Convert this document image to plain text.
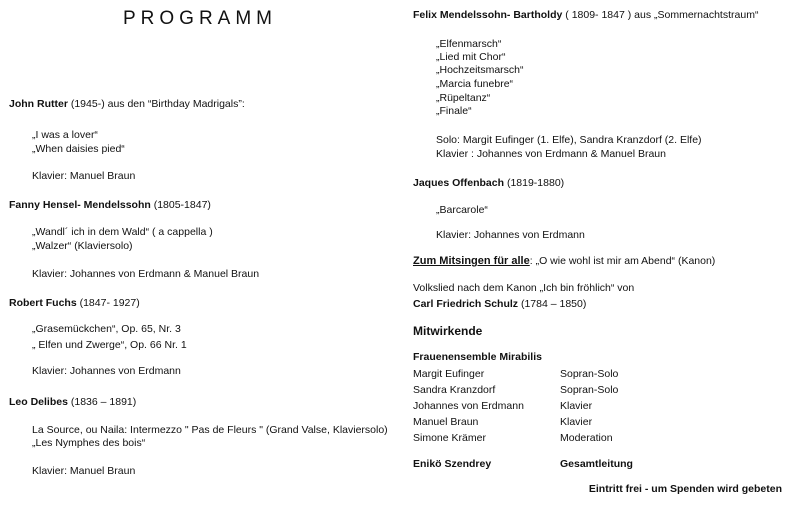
PROGRAMM
John Rutter (1945-) aus den “Birthday Madrigals”:
„I was a lover“
„When daisies pied“
Klavier: Manuel Braun
Fanny Hensel- Mendelssohn (1805-1847)
„Wandl´ ich in dem Wald“ ( a cappella )
„Walzer“ (Klaviersolo)
Klavier: Johannes von Erdmann & Manuel Braun
Robert Fuchs (1847- 1927)
„Grasemückchen“, Op. 65, Nr. 3
„ Elfen und Zwerge“, Op. 66 Nr. 1
Klavier: Johannes von Erdmann
Leo Delibes (1836 – 1891)
La Source, ou Naila: Intermezzo " Pas de Fleurs " (Grand Valse, Klaviersolo)
„Les Nymphes des bois“
Klavier: Manuel Braun
Felix Mendelssohn- Bartholdy ( 1809- 1847 ) aus „Sommernachtstraum“
„Elfenmarsch“
„Lied mit Chor“
„Hochzeitsmarsch“
„Marcia funebre“
„Rüpeltanz“
„Finale“
Solo: Margit Eufinger (1. Elfe), Sandra Kranzdorf (2. Elfe)
Klavier : Johannes von Erdmann & Manuel Braun
Jaques Offenbach (1819-1880)
„Barcarole“
Klavier: Johannes von Erdmann
Zum Mitsingen für alle: „O wie wohl ist mir am Abend“ (Kanon)
Volkslied nach dem Kanon „Ich bin fröhlich“ von
Carl Friedrich Schulz (1784 – 1850)
Mitwirkende
Frauenensemble Mirabilis
Margit Eufinger	Sopran-Solo
Sandra Kranzdorf	Sopran-Solo
Johannes von Erdmann	Klavier
Manuel Braun	Klavier
Simone Krämer	Moderation
Enikö Szendrey	Gesamtleitung
Eintritt frei - um Spenden wird gebeten
